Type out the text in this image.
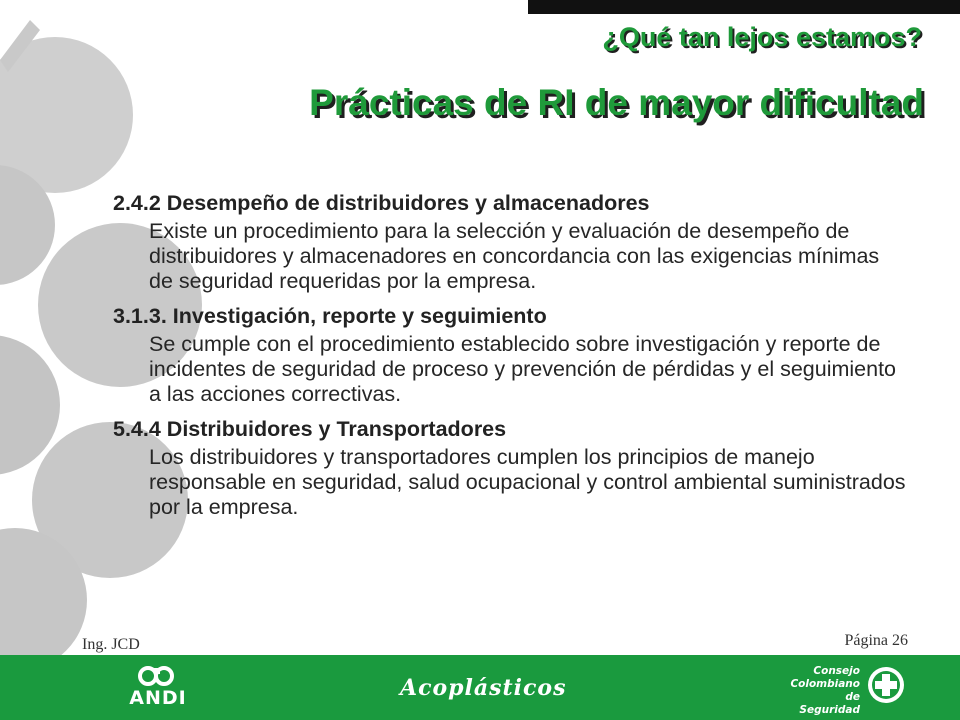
¿Qué tan lejos estamos?
Prácticas de RI de mayor dificultad

2.4.2 Desempeño de distribuidores y almacenadores

Existe un procedimiento para la selección y evaluación de desempeño de distribuidores y almacenadores en concordancia con las exigencias mínimas de seguridad requeridas por la empresa.

3.1.3. Investigación, reporte y seguimiento

Se cumple con el procedimiento establecido sobre investigación y reporte de incidentes de seguridad de proceso y prevención de pérdidas y el seguimiento a las acciones correctivas.

5.4.4 Distribuidores y Transportadores

Los distribuidores y transportadores cumplen los principios de manejo responsable en seguridad, salud ocupacional y control ambiental suministrados por la empresa.

Ing. JCD	Página 26

ANDI	Acoplásticos

Consejo
Colombiano de
Seguridad
